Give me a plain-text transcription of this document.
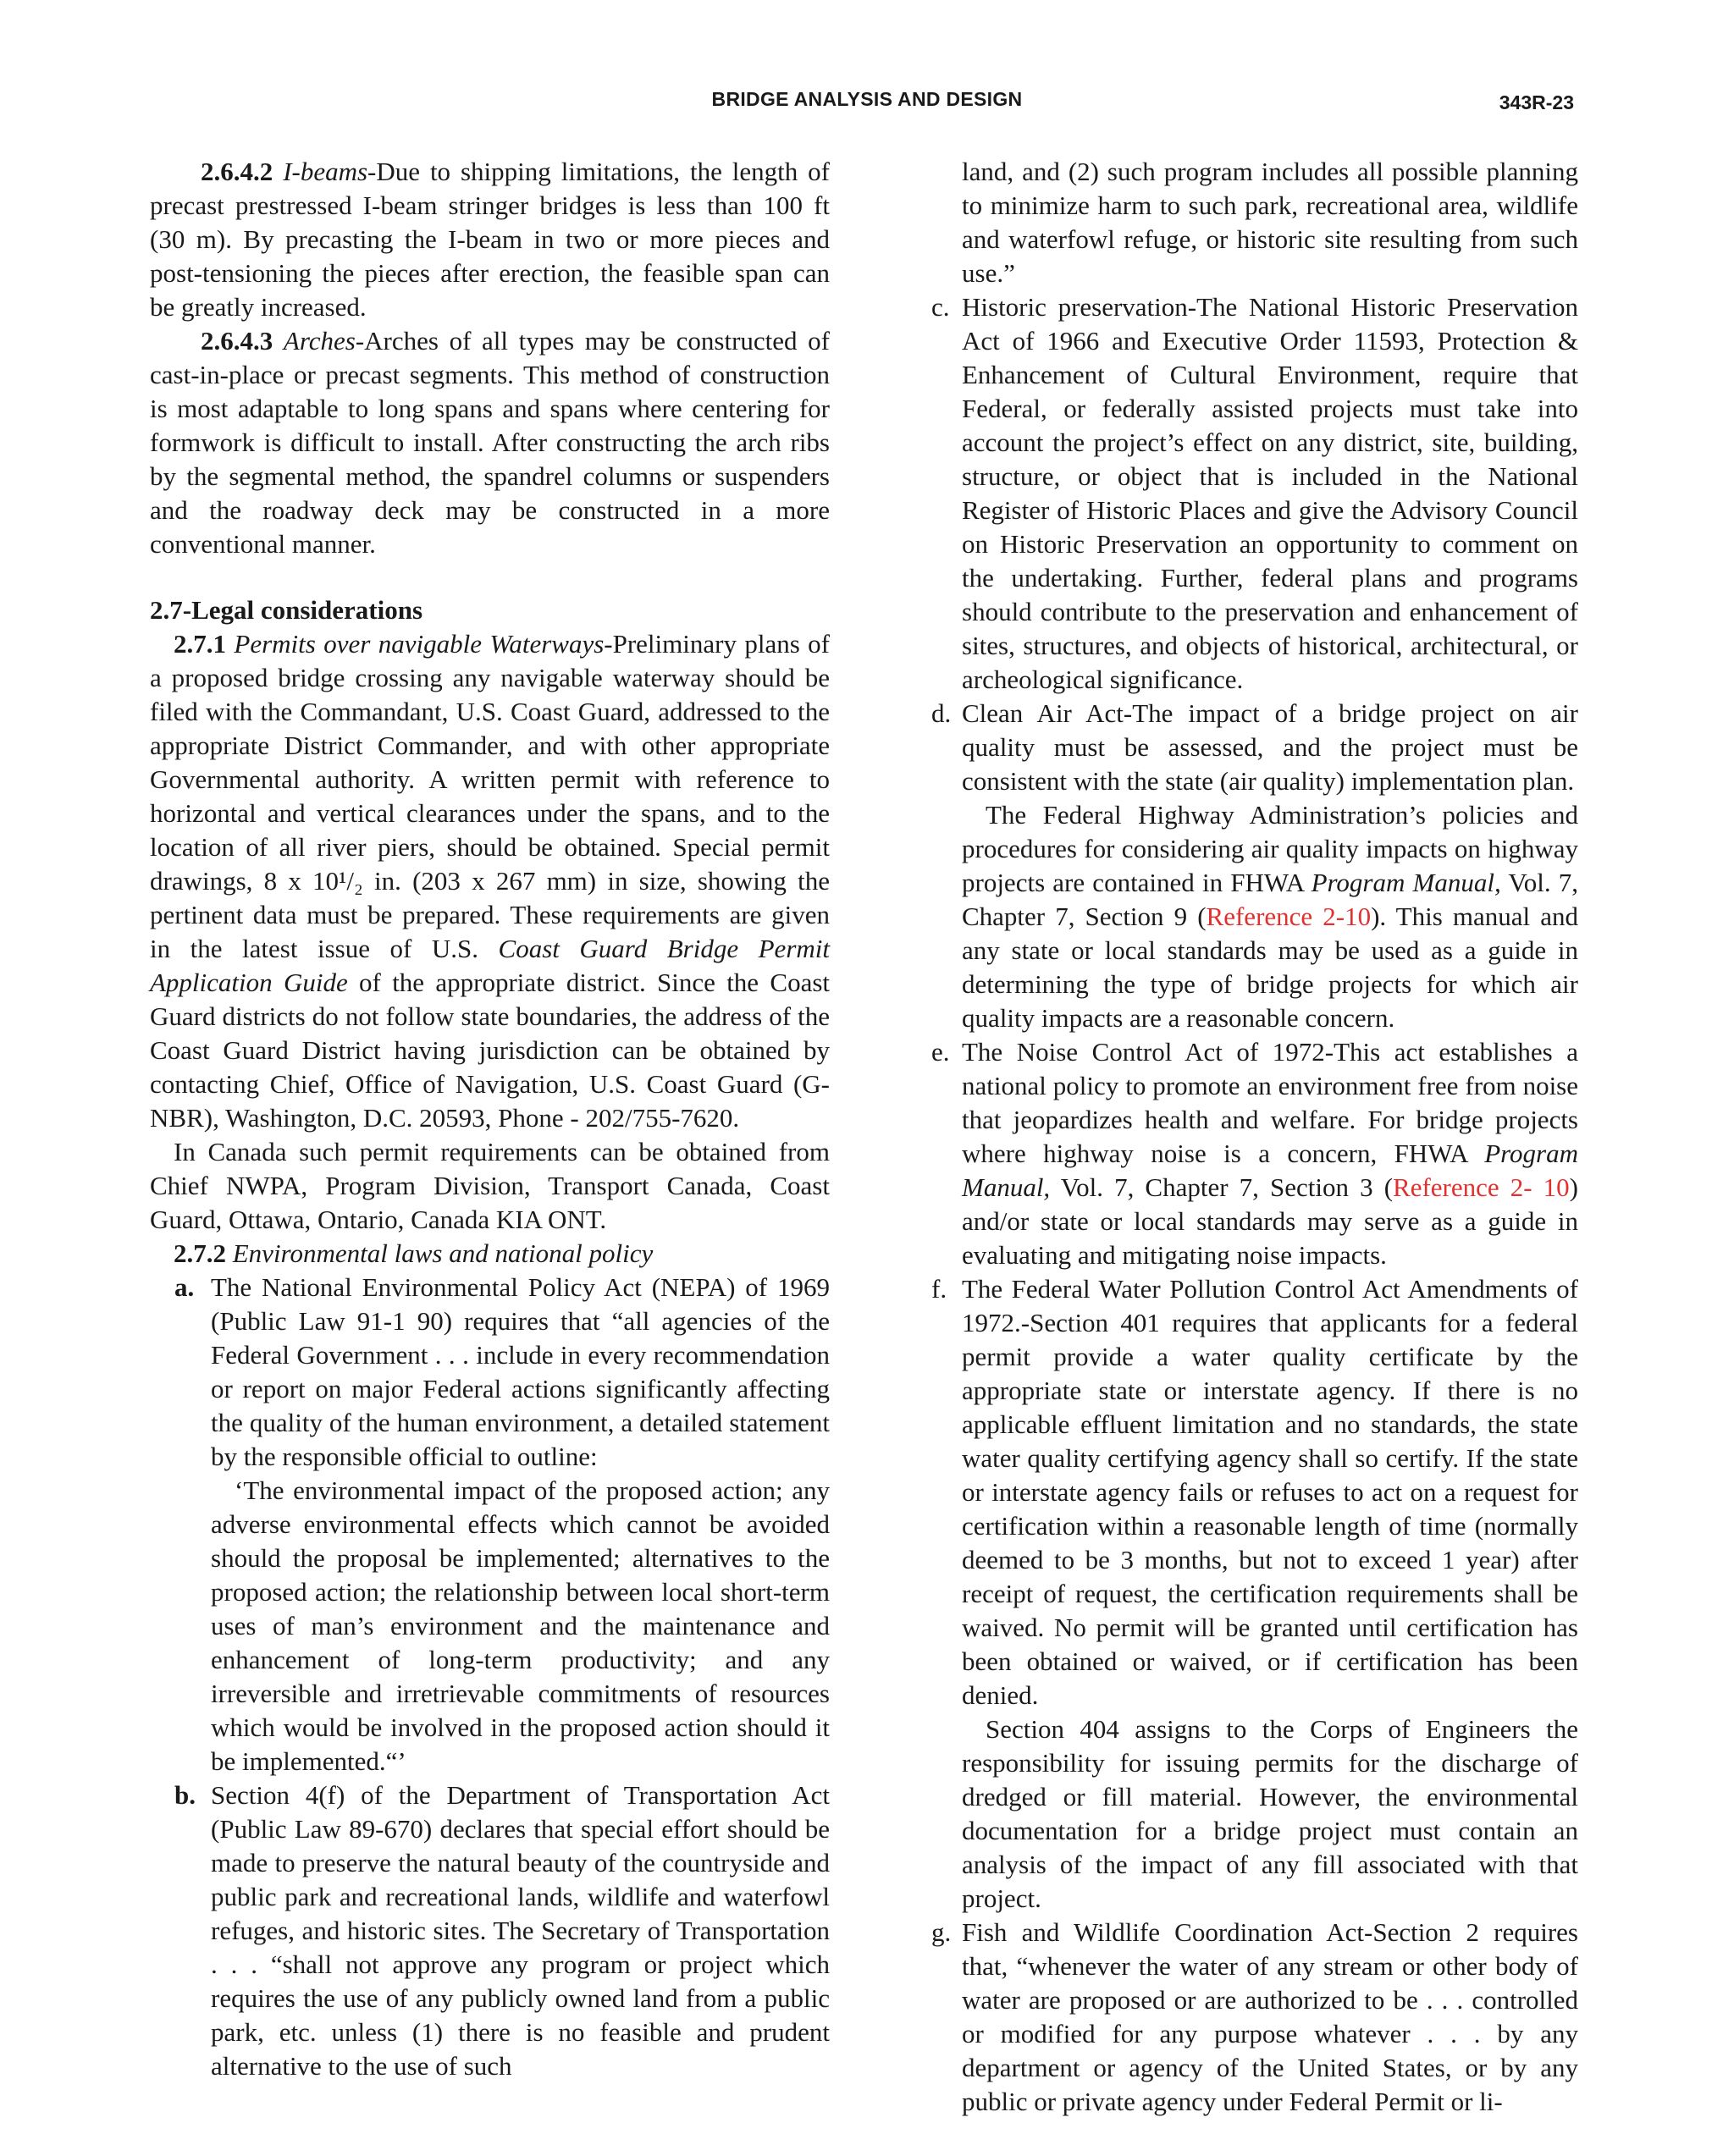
BRIDGE ANALYSIS AND DESIGN	343R-23

2.6.4.2 I-beams-Due to shipping limitations, the length of precast prestressed I-beam stringer bridges is less than 100 ft (30 m). By precasting the I-beam in two or more pieces and post-tensioning the pieces after erection, the feasible span can be greatly increased.

2.6.4.3 Arches-Arches of all types may be constructed of cast-in-place or precast segments. This method of construction is most adaptable to long spans and spans where centering for formwork is difficult to install. After constructing the arch ribs by the segmental method, the spandrel columns or suspenders and the roadway deck may be constructed in a more conventional manner.

2.7-Legal considerations

2.7.1 Permits over navigable Waterways-Preliminary plans of a proposed bridge crossing any navigable waterway should be filed with the Commandant, U.S. Coast Guard, addressed to the appropriate District Commander, and with other appropriate Governmental authority. A written permit with reference to horizontal and vertical clearances under the spans, and to the location of all river piers, should be obtained. Special permit drawings, 8 x 10¹/₂ in. (203 x 267 mm) in size, showing the pertinent data must be prepared. These requirements are given in the latest issue of U.S. Coast Guard Bridge Permit Application Guide of the appropriate district. Since the Coast Guard districts do not follow state boundaries, the address of the Coast Guard District having jurisdiction can be obtained by contacting Chief, Office of Navigation, U.S. Coast Guard (G-NBR), Washington, D.C. 20593, Phone - 202/755-7620.

In Canada such permit requirements can be obtained from Chief NWPA, Program Division, Transport Canada, Coast Guard, Ottawa, Ontario, Canada KIA ONT.

2.7.2 Environmental laws and national policy

a. The National Environmental Policy Act (NEPA) of 1969 (Public Law 91-1 90) requires that “all agencies of the Federal Government . . . include in every recommendation or report on major Federal actions significantly affecting the quality of the human environment, a detailed statement by the responsible official to outline:

‘The environmental impact of the proposed action; any adverse environmental effects which cannot be avoided should the proposal be implemented; alternatives to the proposed action; the relationship between local short-term uses of man’s environment and the maintenance and enhancement of long-term productivity; and any irreversible and irretrievable commitments of resources which would be involved in the proposed action should it be implemented.“’

b. Section 4(f) of the Department of Transportation Act (Public Law 89-670) declares that special effort should be made to preserve the natural beauty of the countryside and public park and recreational lands, wildlife and waterfowl refuges, and historic sites. The Secretary of Transportation . . . “shall not approve any program or project which requires the use of any publicly owned land from a public park, etc. unless (1) there is no feasible and prudent alternative to the use of such

land, and (2) such program includes all possible planning to minimize harm to such park, recreational area, wildlife and waterfowl refuge, or historic site resulting from such use.”

c. Historic preservation-The National Historic Preservation Act of 1966 and Executive Order 11593, Protection & Enhancement of Cultural Environment, require that Federal, or federally assisted projects must take into account the project’s effect on any district, site, building, structure, or object that is included in the National Register of Historic Places and give the Advisory Council on Historic Preservation an opportunity to comment on the undertaking. Further, federal plans and programs should contribute to the preservation and enhancement of sites, structures, and objects of historical, architectural, or archeological significance.

d. Clean Air Act-The impact of a bridge project on air quality must be assessed, and the project must be consistent with the state (air quality) implementation plan.

The Federal Highway Administration’s policies and procedures for considering air quality impacts on highway projects are contained in FHWA Program Manual, Vol. 7, Chapter 7, Section 9 (Reference 2-10). This manual and any state or local standards may be used as a guide in determining the type of bridge projects for which air quality impacts are a reasonable concern.

e. The Noise Control Act of 1972-This act establishes a national policy to promote an environment free from noise that jeopardizes health and welfare. For bridge projects where highway noise is a concern, FHWA Program Manual, Vol. 7, Chapter 7, Section 3 (Reference 2- 10) and/or state or local standards may serve as a guide in evaluating and mitigating noise impacts.

f. The Federal Water Pollution Control Act Amendments of 1972.-Section 401 requires that applicants for a federal permit provide a water quality certificate by the appropriate state or interstate agency. If there is no applicable effluent limitation and no standards, the state water quality certifying agency shall so certify. If the state or interstate agency fails or refuses to act on a request for certification within a reasonable length of time (normally deemed to be 3 months, but not to exceed 1 year) after receipt of request, the certification requirements shall be waived. No permit will be granted until certification has been obtained or waived, or if certification has been denied.

Section 404 assigns to the Corps of Engineers the responsibility for issuing permits for the discharge of dredged or fill material. However, the environmental documentation for a bridge project must contain an analysis of the impact of any fill associated with that project.

g. Fish and Wildlife Coordination Act-Section 2 requires that, “whenever the water of any stream or other body of water are proposed or are authorized to be . . . controlled or modified for any purpose whatever . . . by any department or agency of the United States, or by any public or private agency under Federal Permit or li-
